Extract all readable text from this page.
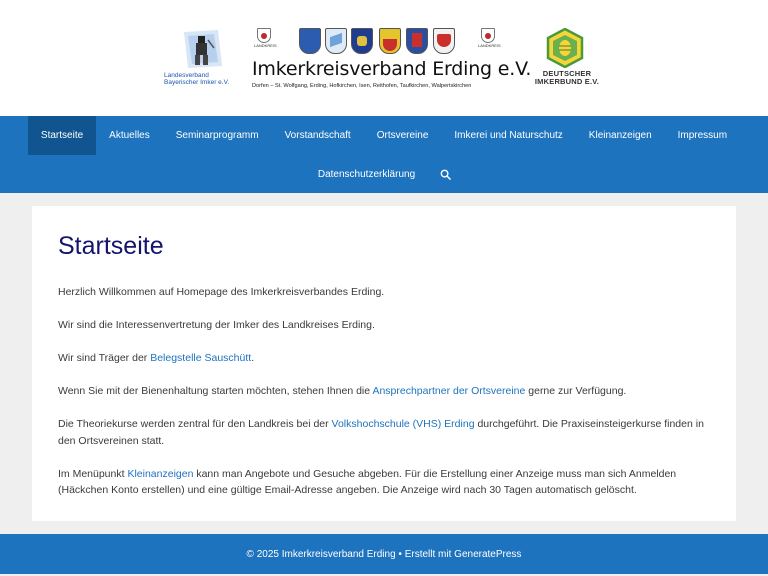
Landesverband
Bayerischer Imker e.V.
LANDKREIS	LANDKREIS
Imkerkreisverband Erding e.V.
Dorfen – St. Wolfgang, Erding, Hofkirchen, Isen, Reithofen, Taufkirchen, Walpertskirchen
DEUTSCHER
IMKERBUND E.V.
Startseite	Aktuelles	Seminarprogramm	Vorstandschaft	Ortsvereine	Imkerei und Naturschutz	Kleinanzeigen	Impressum
Datenschutzerklärung
Startseite

Herzlich Willkommen auf Homepage des Imkerkreisverbandes Erding.

Wir sind die Interessenvertretung der Imker des Landkreises Erding.

Wir sind Träger der Belegstelle Sauschütt.

Wenn Sie mit der Bienenhaltung starten möchten, stehen Ihnen die Ansprechpartner der Ortsvereine gerne zur Verfügung.

Die Theoriekurse werden zentral für den Landkreis bei der Volkshochschule (VHS) Erding durchgeführt. Die Praxiseinsteigerkurse finden in den Ortsvereinen statt.

Im Menüpunkt Kleinanzeigen kann man Angebote und Gesuche abgeben. Für die Erstellung einer Anzeige muss man sich Anmelden (Häckchen Konto erstellen) und eine gültige Email-Adresse angeben. Die Anzeige wird nach 30 Tagen automatisch gelöscht.

© 2025 Imkerkreisverband Erding • Erstellt mit GeneratePress
